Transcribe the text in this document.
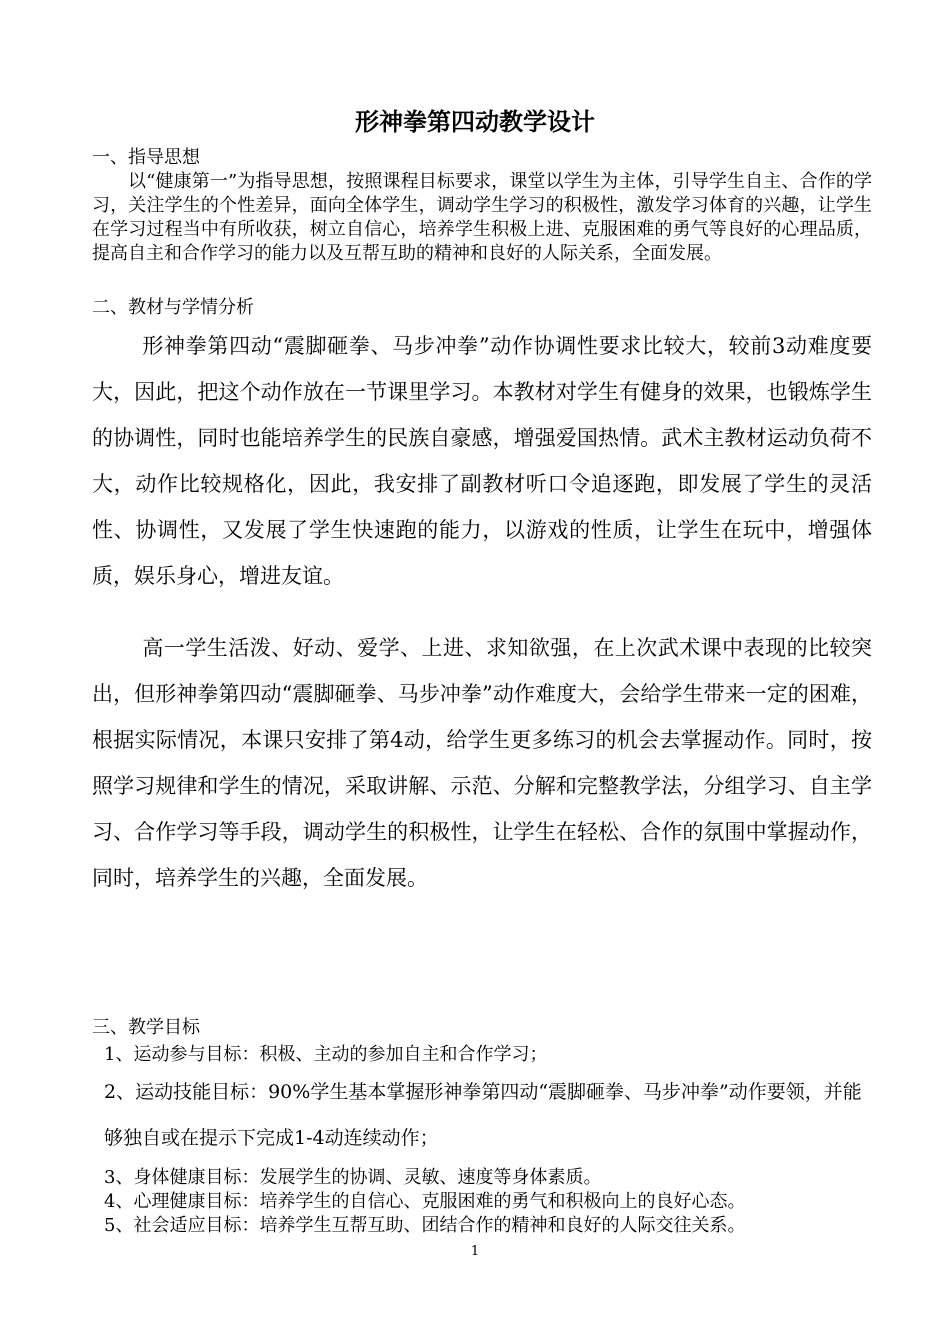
形神拳第四动教学设计
一、指导思想

以“健康第一”为指导思想，按照课程目标要求，课堂以学生为主体，引导学生自主、合作的学习，关注学生的个性差异，面向全体学生，调动学生学习的积极性，激发学习体育的兴趣，让学生在学习过程当中有所收获，树立自信心，培养学生积极上进、克服困难的勇气等良好的心理品质，提高自主和合作学习的能力以及互帮互助的精神和良好的人际关系，全面发展。

二、教材与学情分析

形神拳第四动“震脚砸拳、马步冲拳”动作协调性要求比较大，较前3动难度要大，因此，把这个动作放在一节课里学习。本教材对学生有健身的效果，也锻炼学生的协调性，同时也能培养学生的民族自豪感，增强爱国热情。武术主教材运动负荷不大，动作比较规格化，因此，我安排了副教材听口令追逐跑，即发展了学生的灵活性、协调性，又发展了学生快速跑的能力，以游戏的性质，让学生在玩中，增强体质，娱乐身心，增进友谊。

高一学生活泼、好动、爱学、上进、求知欲强，在上次武术课中表现的比较突出，但形神拳第四动“震脚砸拳、马步冲拳”动作难度大，会给学生带来一定的困难，根据实际情况，本课只安排了第4动，给学生更多练习的机会去掌握动作。同时，按照学习规律和学生的情况，采取讲解、示范、分解和完整教学法，分组学习、自主学习、合作学习等手段，调动学生的积极性，让学生在轻松、合作的氛围中掌握动作，同时，培养学生的兴趣，全面发展。

三、教学目标
1、运动参与目标：积极、主动的参加自主和合作学习；
2、运动技能目标：90%学生基本掌握形神拳第四动“震脚砸拳、马步冲拳”动作要领，并能够独自或在提示下完成1-4动连续动作；
3、身体健康目标：发展学生的协调、灵敏、速度等身体素质。
4、心理健康目标：培养学生的自信心、克服困难的勇气和积极向上的良好心态。
5、社会适应目标：培养学生互帮互助、团结合作的精神和良好的人际交往关系。
1
